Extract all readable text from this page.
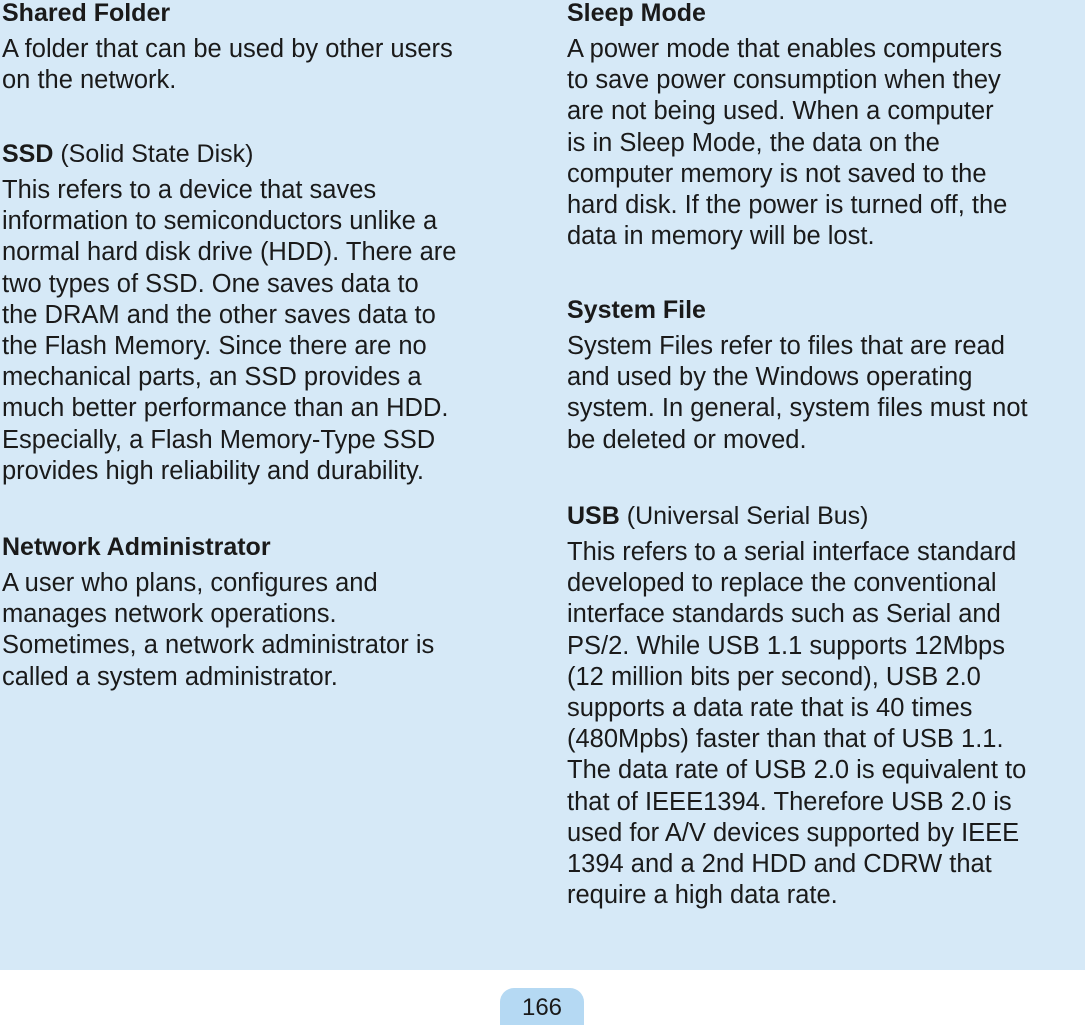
Shared Folder

A folder that can be used by other users
on the network.

SSD (Solid State Disk)

This refers to a device that saves
information to semiconductors unlike a
normal hard disk drive (HDD). There are
two types of SSD. One saves data to
the DRAM and the other saves data to
the Flash Memory. Since there are no
mechanical parts, an SSD provides a
much better performance than an HDD.
Especially, a Flash Memory-Type SSD
provides high reliability and durability.

Network Administrator

A user who plans, configures and
manages network operations.
Sometimes, a network administrator is
called a system administrator.

Sleep Mode

A power mode that enables computers
to save power consumption when they
are not being used. When a computer
is in Sleep Mode, the data on the
computer memory is not saved to the
hard disk. If the power is turned off, the
data in memory will be lost.

System File

System Files refer to files that are read
and used by the Windows operating
system. In general, system files must not
be deleted or moved.

USB (Universal Serial Bus)

This refers to a serial interface standard
developed to replace the conventional
interface standards such as Serial and
PS/2. While USB 1.1 supports 12Mbps
(12 million bits per second), USB 2.0
supports a data rate that is 40 times
(480Mpbs) faster than that of USB 1.1.
The data rate of USB 2.0 is equivalent to
that of IEEE1394. Therefore USB 2.0 is
used for A/V devices supported by IEEE
1394 and a 2nd HDD and CDRW that
require a high data rate.

166
